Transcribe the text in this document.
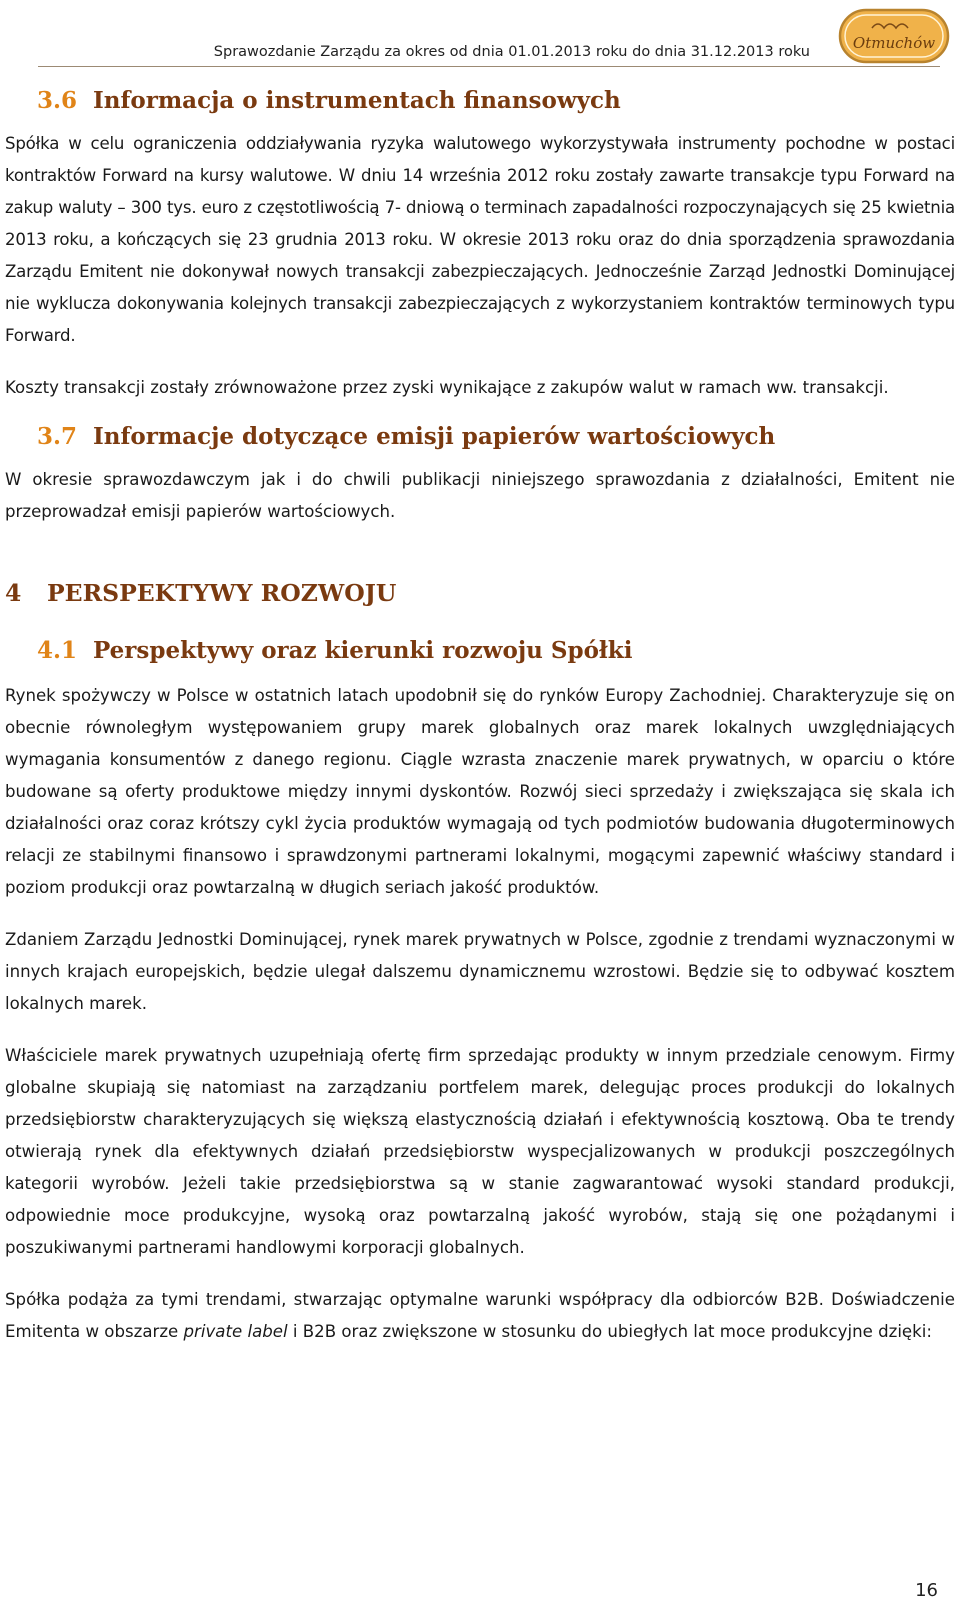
Sprawozdanie Zarządu za okres od dnia 01.01.2013 roku do dnia 31.12.2013 roku	Otmuchów
3.6 Informacja o instrumentach finansowych

Spółka w celu ograniczenia oddziaływania ryzyka walutowego wykorzystywała instrumenty pochodne w postaci kontraktów Forward na kursy walutowe. W dniu 14 września 2012 roku zostały zawarte transakcje typu Forward na zakup waluty – 300 tys. euro z częstotliwością 7- dniową o terminach zapadalności rozpoczynających się 25 kwietnia 2013 roku, a kończących się 23 grudnia 2013 roku. W okresie 2013 roku oraz do dnia sporządzenia sprawozdania Zarządu Emitent nie dokonywał nowych transakcji zabezpieczających. Jednocześnie Zarząd Jednostki Dominującej nie wyklucza dokonywania kolejnych transakcji zabezpieczających z wykorzystaniem kontraktów terminowych typu Forward.

Koszty transakcji zostały zrównoważone przez zyski wynikające z zakupów walut w ramach ww. transakcji.

3.7 Informacje dotyczące emisji papierów wartościowych

W okresie sprawozdawczym jak i do chwili publikacji niniejszego sprawozdania z działalności, Emitent nie przeprowadzał emisji papierów wartościowych.

4	PERSPEKTYWY ROZWOJU
4.1 Perspektywy oraz kierunki rozwoju Spółki

Rynek spożywczy w Polsce w ostatnich latach upodobnił się do rynków Europy Zachodniej. Charakteryzuje się on obecnie równoległym występowaniem grupy marek globalnych oraz marek lokalnych uwzględniających wymagania konsumentów z danego regionu. Ciągle wzrasta znaczenie marek prywatnych, w oparciu o które budowane są oferty produktowe między innymi dyskontów. Rozwój sieci sprzedaży i zwiększająca się skala ich działalności oraz coraz krótszy cykl życia produktów wymagają od tych podmiotów budowania długoterminowych relacji ze stabilnymi finansowo i sprawdzonymi partnerami lokalnymi, mogącymi zapewnić właściwy standard i poziom produkcji oraz powtarzalną w długich seriach jakość produktów.

Zdaniem Zarządu Jednostki Dominującej, rynek marek prywatnych w Polsce, zgodnie z trendami wyznaczonymi w innych krajach europejskich, będzie ulegał dalszemu dynamicznemu wzrostowi. Będzie się to odbywać kosztem lokalnych marek.

Właściciele marek prywatnych uzupełniają ofertę firm sprzedając produkty w innym przedziale cenowym. Firmy globalne skupiają się natomiast na zarządzaniu portfelem marek, delegując proces produkcji do lokalnych przedsiębiorstw charakteryzujących się większą elastycznością działań i efektywnością kosztową. Oba te trendy otwierają rynek dla efektywnych działań przedsiębiorstw wyspecjalizowanych w produkcji poszczególnych kategorii wyrobów. Jeżeli takie przedsiębiorstwa są w stanie zagwarantować wysoki standard produkcji, odpowiednie moce produkcyjne, wysoką oraz powtarzalną jakość wyrobów, stają się one pożądanymi i poszukiwanymi partnerami handlowymi korporacji globalnych.

Spółka podąża za tymi trendami, stwarzając optymalne warunki współpracy dla odbiorców B2B. Doświadczenie Emitenta w obszarze private label i B2B oraz zwiększone w stosunku do ubiegłych lat moce produkcyjne dzięki:

16
